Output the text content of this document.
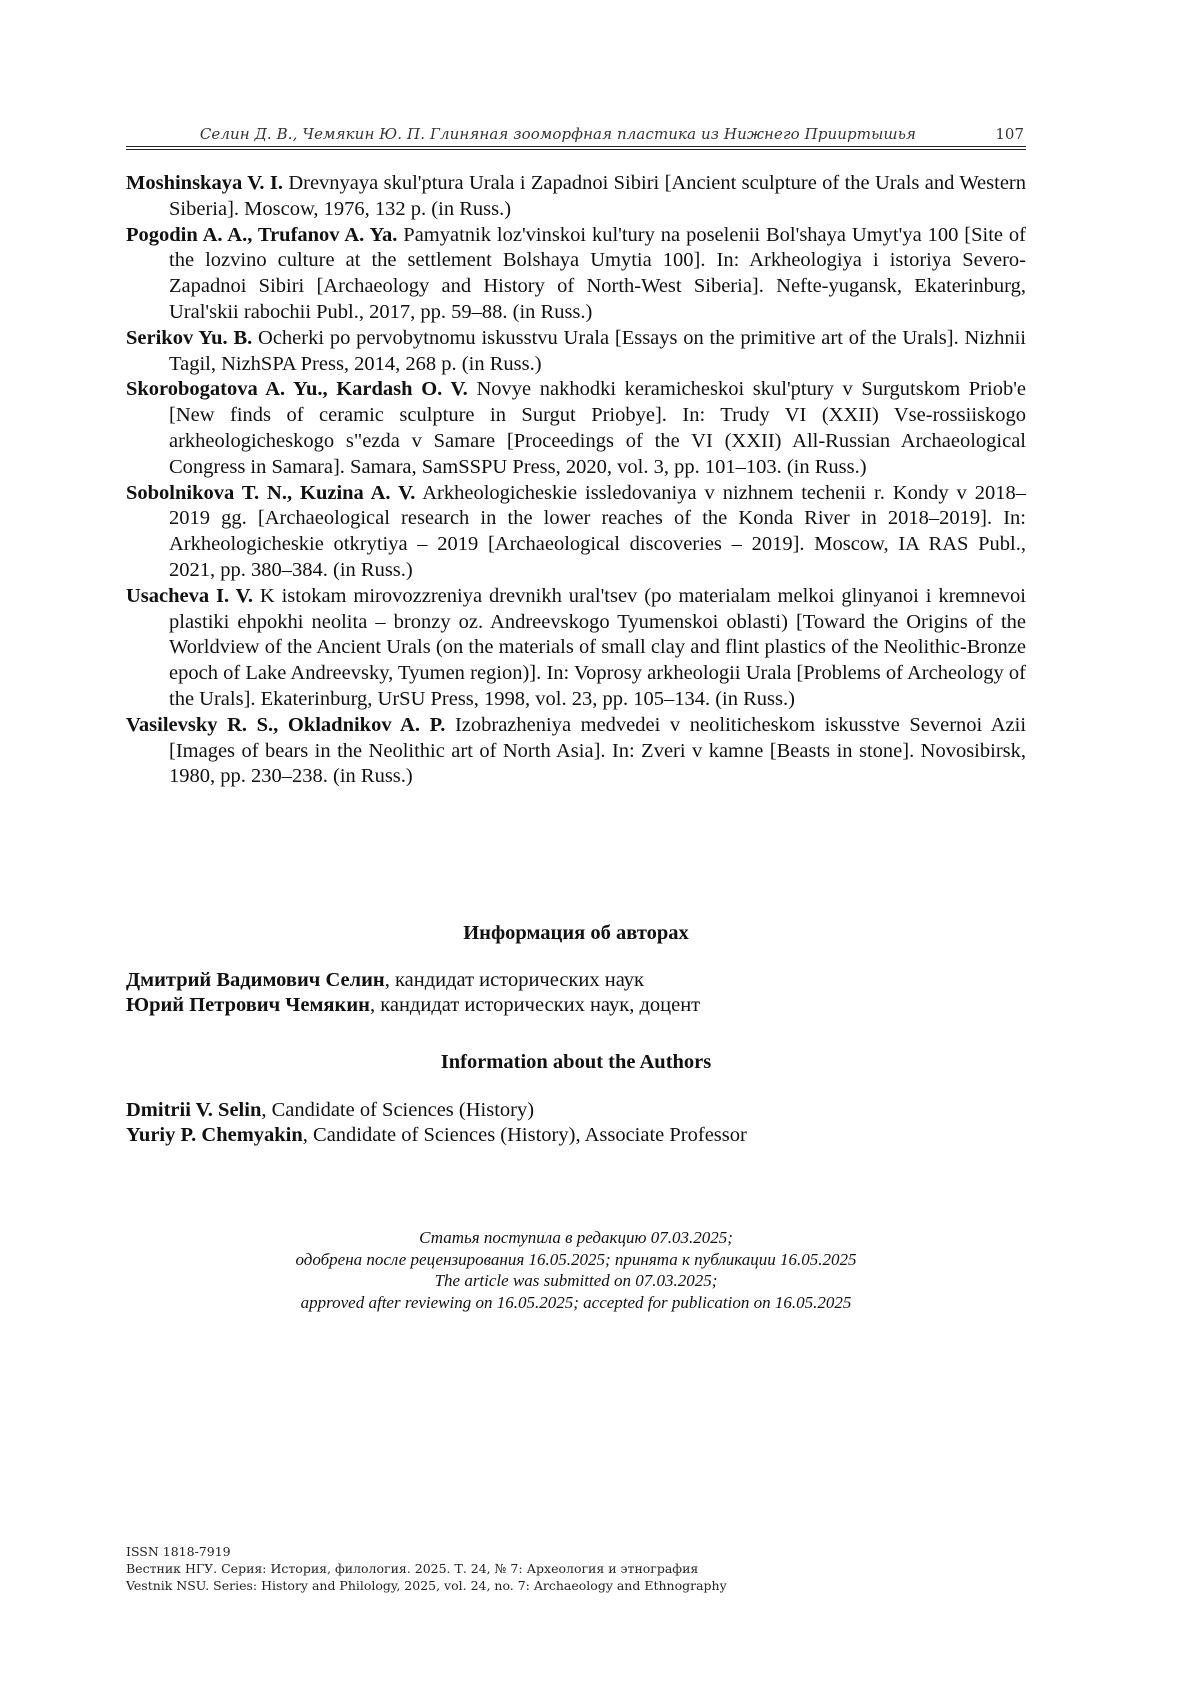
Селин Д. В., Чемякин Ю. П. Глиняная зооморфная пластика из Нижнего Прииртышья	107

Moshinskaya V. I. Drevnyaya skul'ptura Urala i Zapadnoi Sibiri [Ancient sculpture of the Urals and Western Siberia]. Moscow, 1976, 132 p. (in Russ.)

Pogodin A. A., Trufanov A. Ya. Pamyatnik loz'vinskoi kul'tury na poselenii Bol'shaya Umyt'ya 100 [Site of the lozvino culture at the settlement Bolshaya Umytia 100]. In: Arkheologiya i istoriya Severo-Zapadnoi Sibiri [Archaeology and History of North-West Siberia]. Nefte-yugansk, Ekaterinburg, Ural'skii rabochii Publ., 2017, pp. 59–88. (in Russ.)

Serikov Yu. B. Ocherki po pervobytnomu iskusstvu Urala [Essays on the primitive art of the Urals]. Nizhnii Tagil, NizhSPA Press, 2014, 268 p. (in Russ.)

Skorobogatova A. Yu., Kardash O. V. Novye nakhodki keramicheskoi skul'ptury v Surgutskom Priob'e [New finds of ceramic sculpture in Surgut Priobye]. In: Trudy VI (XXII) Vse-rossiiskogo arkheologicheskogo s"ezda v Samare [Proceedings of the VI (XXII) All-Russian Archaeological Congress in Samara]. Samara, SamSSPU Press, 2020, vol. 3, pp. 101–103. (in Russ.)

Sobolnikova T. N., Kuzina A. V. Arkheologicheskie issledovaniya v nizhnem techenii r. Kondy v 2018–2019 gg. [Archaeological research in the lower reaches of the Konda River in 2018–2019]. In: Arkheologicheskie otkrytiya – 2019 [Archaeological discoveries – 2019]. Moscow, IA RAS Publ., 2021, pp. 380–384. (in Russ.)

Usacheva I. V. K istokam mirovozzreniya drevnikh ural'tsev (po materialam melkoi glinyanoi i kremnevoi plastiki ehpokhi neolita – bronzy oz. Andreevskogo Tyumenskoi oblasti) [Toward the Origins of the Worldview of the Ancient Urals (on the materials of small clay and flint plastics of the Neolithic-Bronze epoch of Lake Andreevsky, Tyumen region)]. In: Voprosy arkheologii Urala [Problems of Archeology of the Urals]. Ekaterinburg, UrSU Press, 1998, vol. 23, pp. 105–134. (in Russ.)

Vasilevsky R. S., Okladnikov A. P. Izobrazheniya medvedei v neoliticheskom iskusstve Severnoi Azii [Images of bears in the Neolithic art of North Asia]. In: Zveri v kamne [Beasts in stone]. Novosibirsk, 1980, pp. 230–238. (in Russ.)

Информация об авторах
Дмитрий Вадимович Селин, кандидат исторических наук
Юрий Петрович Чемякин, кандидат исторических наук, доцент
Information about the Authors
Dmitrii V. Selin, Candidate of Sciences (History)
Yuriy P. Chemyakin, Candidate of Sciences (History), Associate Professor
Статья поступила в редакцию 07.03.2025;
одобрена после рецензирования 16.05.2025; принята к публикации 16.05.2025
The article was submitted on 07.03.2025;
approved after reviewing on 16.05.2025; accepted for publication on 16.05.2025
ISSN 1818-7919
Вестник НГУ. Серия: История, филология. 2025. Т. 24, № 7: Археология и этнография
Vestnik NSU. Series: History and Philology, 2025, vol. 24, no. 7: Archaeology and Ethnography
